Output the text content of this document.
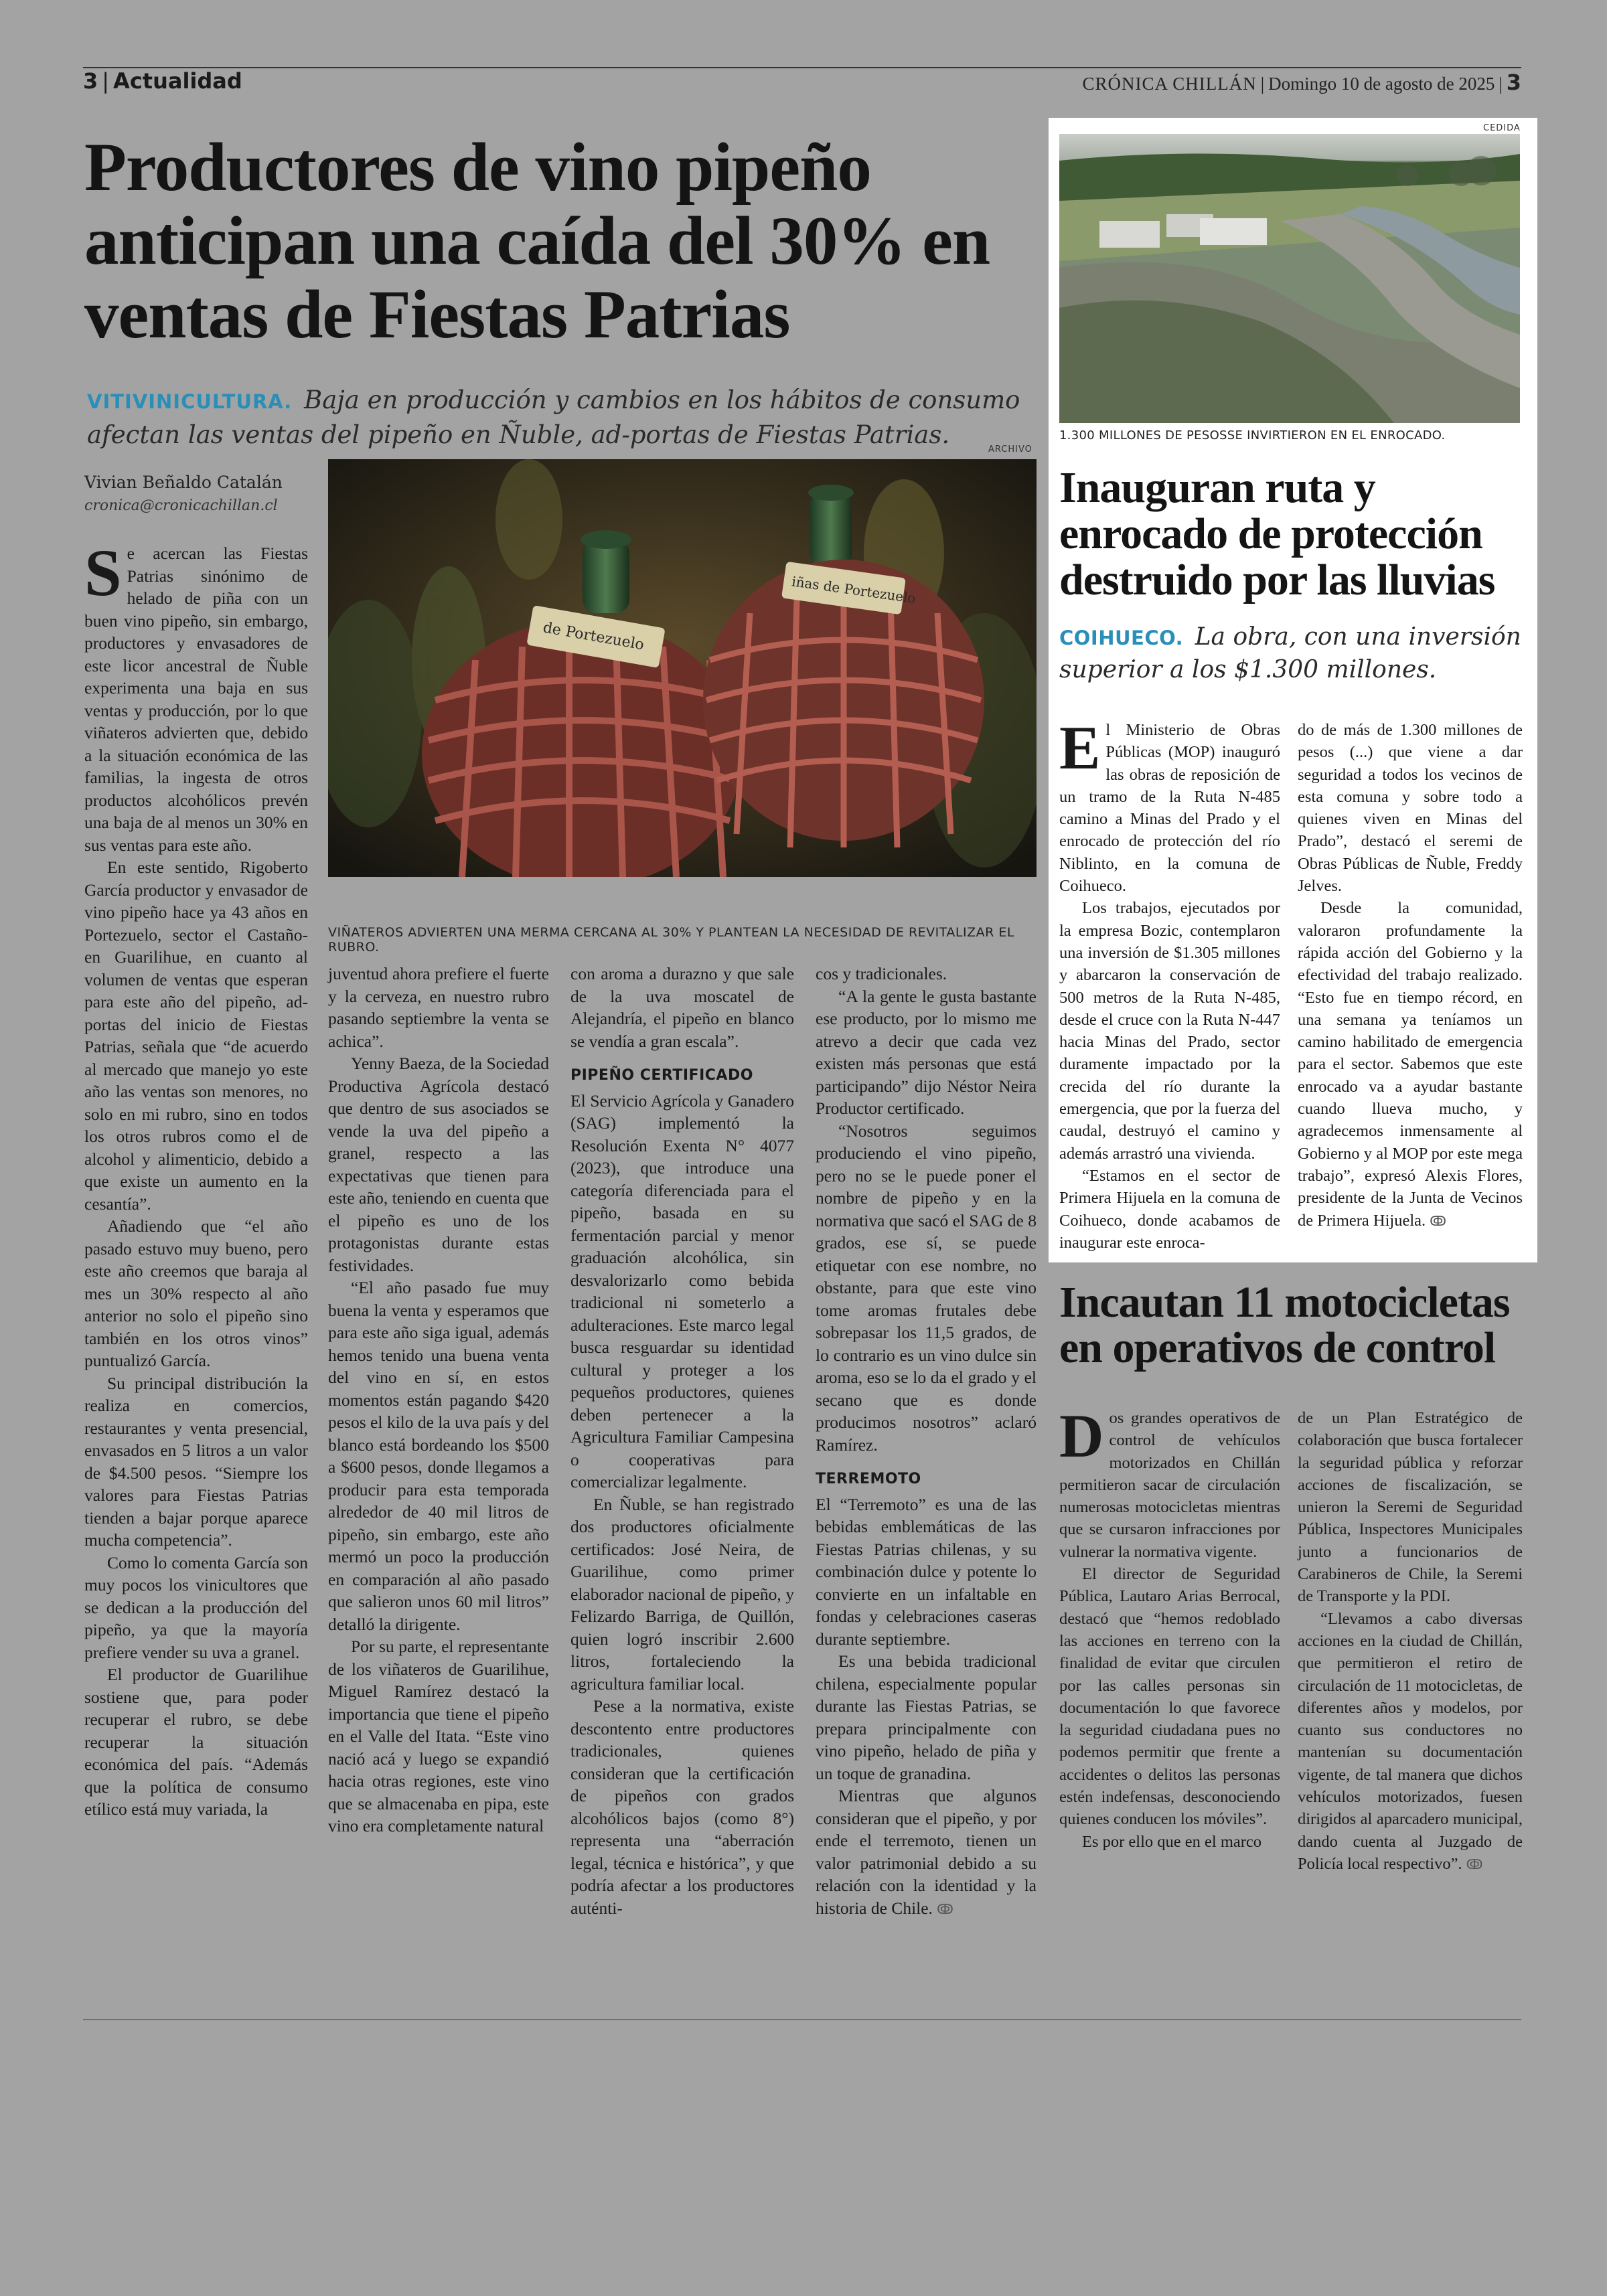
3 | Actualidad	CRÓNICA CHILLÁN | Domingo 10 de agosto de 2025 | 3
Productores de vino pipeño anticipan una caída del 30% en ventas de Fiestas Patrias
VITIVINICULTURA. Baja en producción y cambios en los hábitos de consumo afectan las ventas del pipeño en Ñuble, ad-portas de Fiestas Patrias.
ARCHIVO
Vivian Beñaldo Catalán
cronica@cronicachillan.cl
de Portezuelo
iñas de Portezuelo
VIÑATEROS ADVIERTEN UNA MERMA CERCANA AL 30% Y PLANTEAN LA NECESIDAD DE REVITALIZAR EL RUBRO.
S e acercan las Fiestas Patrias sinónimo de helado de piña con un buen vino pipeño, sin embargo, productores y envasadores de este licor ancestral de Ñuble experimenta una baja en sus ventas y producción, por lo que viñateros advierten que, debido a la situación económica de las familias, la ingesta de otros productos alcohólicos prevén una baja de al menos un 30% en sus ventas para este año.

En este sentido, Rigoberto García productor y envasador de vino pipeño hace ya 43 años en Portezuelo, sector el Castaño- en Guarilihue, en cuanto al volumen de ventas que esperan para este año del pipeño, ad-portas del inicio de Fiestas Patrias, señala que “de acuerdo al mercado que manejo yo este año las ventas son menores, no solo en mi rubro, sino en todos los otros rubros como el de alcohol y alimenticio, debido a que existe un aumento en la cesantía”.

Añadiendo que “el año pasado estuvo muy bueno, pero este año creemos que baraja al mes un 30% respecto al año anterior no solo el pipeño sino también en los otros vinos” puntualizó García.

Su principal distribución la realiza en comercios, restaurantes y venta presencial, envasados en 5 litros a un valor de $4.500 pesos. “Siempre los valores para Fiestas Patrias tienden a bajar porque aparece mucha competencia”.

Como lo comenta García son muy pocos los vinicultores que se dedican a la producción del pipeño, ya que la mayoría prefiere vender su uva a granel.

El productor de Guarilihue sostiene que, para poder recuperar el rubro, se debe recuperar la situación económica del país. “Además que la política de consumo etílico está muy variada, la

juventud ahora prefiere el fuerte y la cerveza, en nuestro rubro pasando septiembre la venta se achica”.

Yenny Baeza, de la Sociedad Productiva Agrícola destacó que dentro de sus asociados se vende la uva del pipeño a granel, respecto a las expectativas que tienen para este año, teniendo en cuenta que el pipeño es uno de los protagonistas durante estas festividades.

“El año pasado fue muy buena la venta y esperamos que para este año siga igual, además hemos tenido una buena venta del vino en sí, en estos momentos están pagando $420 pesos el kilo de la uva país y del blanco está bordeando los $500 a $600 pesos, donde llegamos a producir para esta temporada alrededor de 40 mil litros de pipeño, sin embargo, este año mermó un poco la producción en comparación al año pasado que salieron unos 60 mil litros” detalló la dirigente.

Por su parte, el representante de los viñateros de Guarilihue, Miguel Ramírez destacó la importancia que tiene el pipeño en el Valle del Itata. “Este vino nació acá y luego se expandió hacia otras regiones, este vino que se almacenaba en pipa, este vino era completamente natural

con aroma a durazno y que sale de la uva moscatel de Alejandría, el pipeño en blanco se vendía a gran escala”.

PIPEÑO CERTIFICADO

El Servicio Agrícola y Ganadero (SAG) implementó la Resolución Exenta N° 4077 (2023), que introduce una categoría diferenciada para el pipeño, basada en su fermentación parcial y menor graduación alcohólica, sin desvalorizarlo como bebida tradicional ni someterlo a adulteraciones. Este marco legal busca resguardar su identidad cultural y proteger a los pequeños productores, quienes deben pertenecer a la Agricultura Familiar Campesina o cooperativas para comercializar legalmente.

En Ñuble, se han registrado dos productores oficialmente certificados: José Neira, de Guarilihue, como primer elaborador nacional de pipeño, y Felizardo Barriga, de Quillón, quien logró inscribir 2.600 litros, fortaleciendo la agricultura familiar local.

Pese a la normativa, existe descontento entre productores tradicionales, quienes consideran que la certificación de pipeños con grados alcohólicos bajos (como 8°) representa una “aberración legal, técnica e histórica”, y que podría afectar a los productores auténti-

cos y tradicionales.

“A la gente le gusta bastante ese producto, por lo mismo me atrevo a decir que cada vez existen más personas que está participando” dijo Néstor Neira Productor certificado.

“Nosotros seguimos produciendo el vino pipeño, pero no se le puede poner el nombre de pipeño y en la normativa que sacó el SAG de 8 grados, ese sí, se puede etiquetar con ese nombre, no obstante, para que este vino tome aromas frutales debe sobrepasar los 11,5 grados, de lo contrario es un vino dulce sin aroma, eso se lo da el grado y el secano que es donde producimos nosotros” aclaró Ramírez.

TERREMOTO

El “Terremoto” es una de las bebidas emblemáticas de las Fiestas Patrias chilenas, y su combinación dulce y potente lo convierte en un infaltable en fondas y celebraciones caseras durante septiembre.

Es una bebida tradicional chilena, especialmente popular durante las Fiestas Patrias, se prepara principalmente con vino pipeño, helado de piña y un toque de granadina.

Mientras que algunos consideran que el pipeño, y por ende el terremoto, tienen un valor patrimonial debido a su relación con la identidad y la historia de Chile. ↂ

CEDIDA
1.300 MILLONES DE PESOSSE INVIRTIERON EN EL ENROCADO.
Inauguran ruta y enrocado de protección destruido por las lluvias
COIHUECO. La obra, con una inversión superior a los $1.300 millones.
E l Ministerio de Obras Públicas (MOP) inauguró las obras de reposición de un tramo de la Ruta N-485 camino a Minas del Prado y el enrocado de protección del río Niblinto, en la comuna de Coihueco.

Los trabajos, ejecutados por la empresa Bozic, contemplaron una inversión de $1.305 millones y abarcaron la conservación de 500 metros de la Ruta N-485, desde el cruce con la Ruta N-447 hacia Minas del Prado, sector duramente impactado por la crecida del río durante la emergencia, que por la fuerza del caudal, destruyó el camino y además arrastró una vivienda.

“Estamos en el sector de Primera Hijuela en la comuna de Coihueco, donde acabamos de inaugurar este enroca-

do de más de 1.300 millones de pesos (...) que viene a dar seguridad a todos los vecinos de esta comuna y sobre todo a quienes viven en Minas del Prado”, destacó el seremi de Obras Públicas de Ñuble, Freddy Jelves.

Desde la comunidad, valoraron profundamente la rápida acción del Gobierno y la efectividad del trabajo realizado. “Esto fue en tiempo récord, en una semana ya teníamos un camino habilitado de emergencia para el sector. Sabemos que este enrocado va a ayudar bastante cuando llueva mucho, y agradecemos inmensamente al Gobierno y al MOP por este mega trabajo”, expresó Alexis Flores, presidente de la Junta de Vecinos de Primera Hijuela. ↂ

Incautan 11 motocicletas en operativos de control
D os grandes operativos de control de vehículos motorizados en Chillán permitieron sacar de circulación numerosas motocicletas mientras que se cursaron infracciones por vulnerar la normativa vigente.

El director de Seguridad Pública, Lautaro Arias Berrocal, destacó que “hemos redoblado las acciones en terreno con la finalidad de evitar que circulen por las calles personas sin documentación lo que favorece la seguridad ciudadana pues no podemos permitir que frente a accidentes o delitos las personas estén indefensas, desconociendo quienes conducen los móviles”.

Es por ello que en el marco

de un Plan Estratégico de colaboración que busca fortalecer la seguridad pública y reforzar acciones de fiscalización, se unieron la Seremi de Seguridad Pública, Inspectores Municipales junto a funcionarios de Carabineros de Chile, la Seremi de Transporte y la PDI.

“Llevamos a cabo diversas acciones en la ciudad de Chillán, que permitieron el retiro de circulación de 11 motocicletas, de diferentes años y modelos, por cuanto sus conductores no mantenían su documentación vigente, de tal manera que dichos vehículos motorizados, fuesen dirigidos al aparcadero municipal, dando cuenta al Juzgado de Policía local respectivo”. ↂ
